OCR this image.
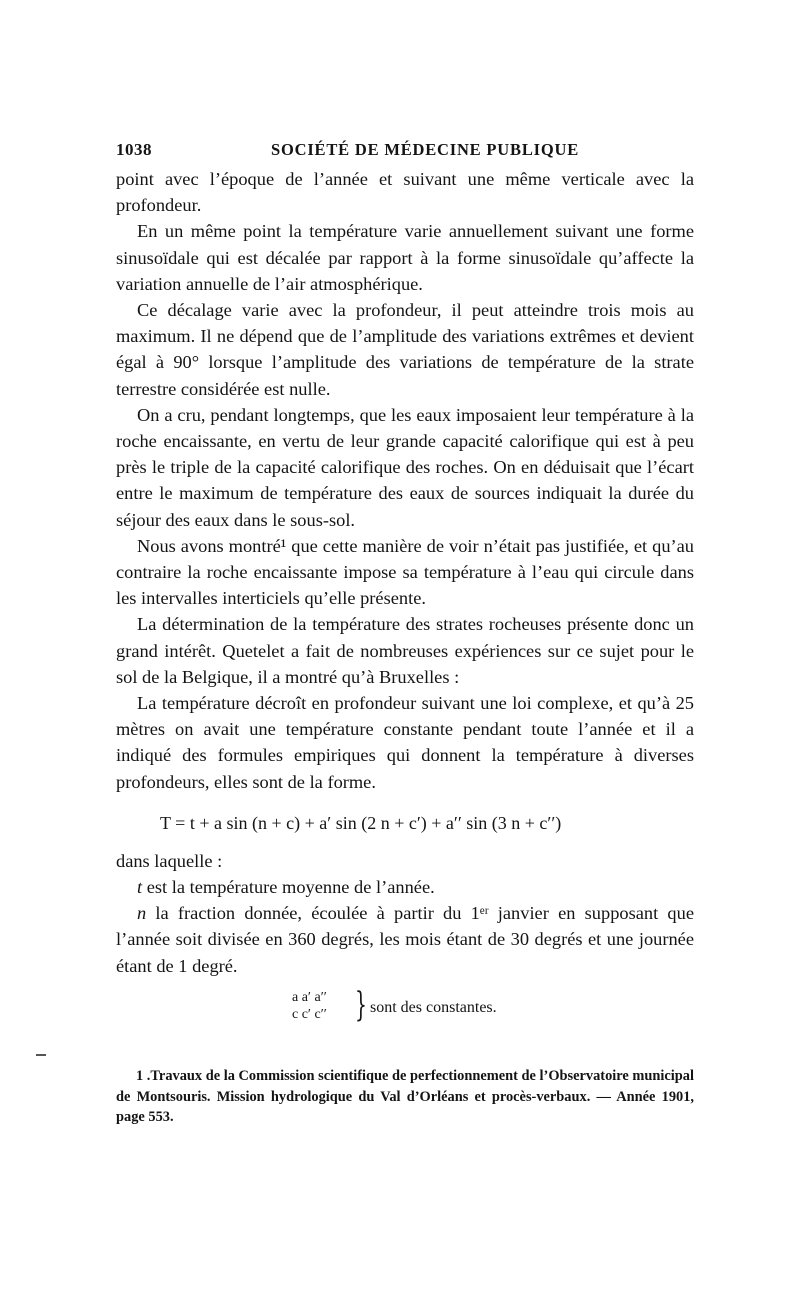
1038	SOCIÉTÉ DE MÉDECINE PUBLIQUE

point avec l’époque de l’année et suivant une même verticale avec la profondeur.

En un même point la température varie annuellement suivant une forme sinusoïdale qui est décalée par rapport à la forme sinusoïdale qu’affecte la variation annuelle de l’air atmosphérique.

Ce décalage varie avec la profondeur, il peut atteindre trois mois au maximum. Il ne dépend que de l’amplitude des variations extrêmes et devient égal à 90° lorsque l’amplitude des variations de température de la strate terrestre considérée est nulle.

On a cru, pendant longtemps, que les eaux imposaient leur température à la roche encaissante, en vertu de leur grande capacité calorifique qui est à peu près le triple de la capacité calorifique des roches. On en déduisait que l’écart entre le maximum de température des eaux de sources indiquait la durée du séjour des eaux dans le sous-sol.

Nous avons montré¹ que cette manière de voir n’était pas justifiée, et qu’au contraire la roche encaissante impose sa température à l’eau qui circule dans les intervalles interticiels qu’elle présente.

La détermination de la température des strates rocheuses présente donc un grand intérêt. Quetelet a fait de nombreuses expériences sur ce sujet pour le sol de la Belgique, il a montré qu’à Bruxelles :

La température décroît en profondeur suivant une loi complexe, et qu’à 25 mètres on avait une température constante pendant toute l’année et il a indiqué des formules empiriques qui donnent la température à diverses profondeurs, elles sont de la forme.

T = t + a sin (n + c) + a′ sin (2 n + c′) + a′′ sin (3 n + c′′)

dans laquelle :

t est la température moyenne de l’année.

n la fraction donnée, écoulée à partir du 1ᵉʳ janvier en supposant que l’année soit divisée en 360 degrés, les mois étant de 30 degrés et une journée étant de 1 degré.

a a′ a′′
c c′ c′′ } sont des constantes.
1 .Travaux de la Commission scientifique de perfectionnement de l’Observatoire municipal de Montsouris. Mission hydrologique du Val d’Orléans et procès-verbaux. — Année 1901, page 553.
